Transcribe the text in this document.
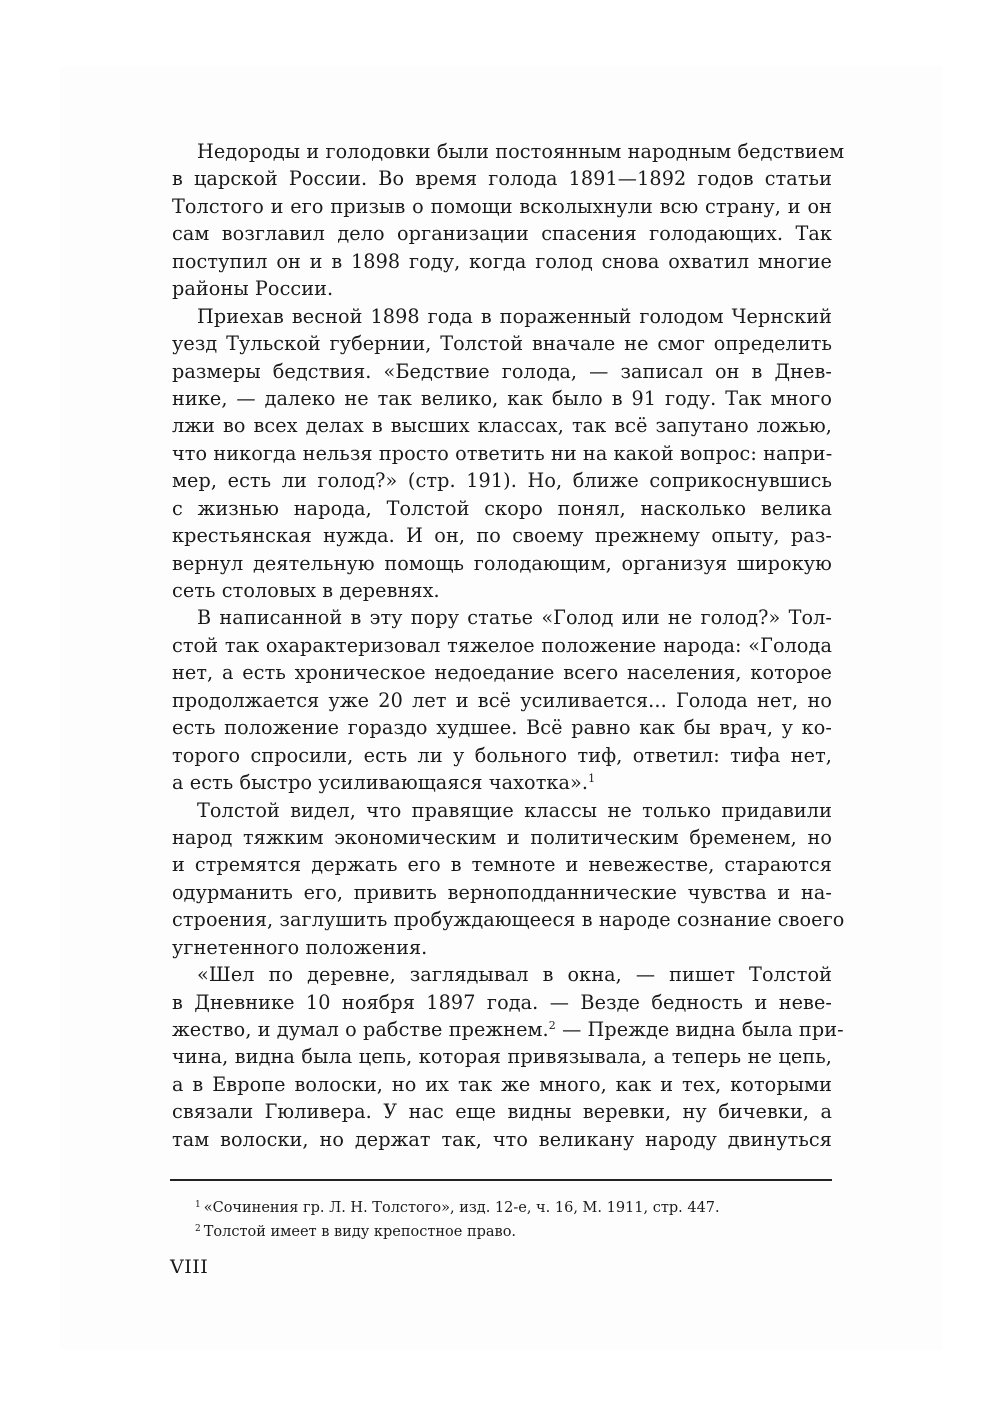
Недороды и голодовки были постоянным народным бедствием
в царской России. Во время голода 1891—1892 годов статьи
Толстого и его призыв о помощи всколыхнули всю страну, и он
сам возглавил дело организации спасения голодающих. Так
поступил он и в 1898 году, когда голод снова охватил многие
районы России.
Приехав весной 1898 года в пораженный голодом Чернский
уезд Тульской губернии, Толстой вначале не смог определить
размеры бедствия. «Бедствие голода, — записал он в Днев-
нике, — далеко не так велико, как было в 91 году. Так много
лжи во всех делах в высших классах, так всё запутано ложью,
что никогда нельзя просто ответить ни на какой вопрос: напри-
мер, есть ли голод?» (стр. 191). Но, ближе соприкоснувшись
с жизнью народа, Толстой скоро понял, насколько велика
крестьянская нужда. И он, по своему прежнему опыту, раз-
вернул деятельную помощь голодающим, организуя широкую
сеть столовых в деревнях.
В написанной в эту пору статье «Голод или не голод?» Тол-
стой так охарактеризовал тяжелое положение народа: «Голода
нет, а есть хроническое недоедание всего населения, которое
продолжается уже 20 лет и всё усиливается... Голода нет, но
есть положение гораздо худшее. Всё равно как бы врач, у ко-
торого спросили, есть ли у больного тиф, ответил: тифа нет,
а есть быстро усиливающаяся чахотка».$^1$
Толстой видел, что правящие классы не только придавили
народ тяжким экономическим и политическим бременем, но
и стремятся держать его в темноте и невежестве, стараются
одурманить его, привить верноподданнические чувства и на-
строения, заглушить пробуждающееся в народе сознание своего
угнетенного положения.
«Шел по деревне, заглядывал в окна, — пишет Толстой
в Дневнике 10 ноября 1897 года. — Везде бедность и неве-
жество, и думал о рабстве прежнем.$^2$ — Прежде видна была при-
чина, видна была цепь, которая привязывала, а теперь не цепь,
а в Европе волоски, но их так же много, как и тех, которыми
связали Гюливера. У нас еще видны веревки, ну бичевки, а
там волоски, но держат так, что великану народу двинуться
$^1$ «Сочинения гр. Л. Н. Толстого», изд. 12-е, ч. 16, М. 1911, стр. 447.
$^2$ Толстой имеет в виду крепостное право.
VIII
